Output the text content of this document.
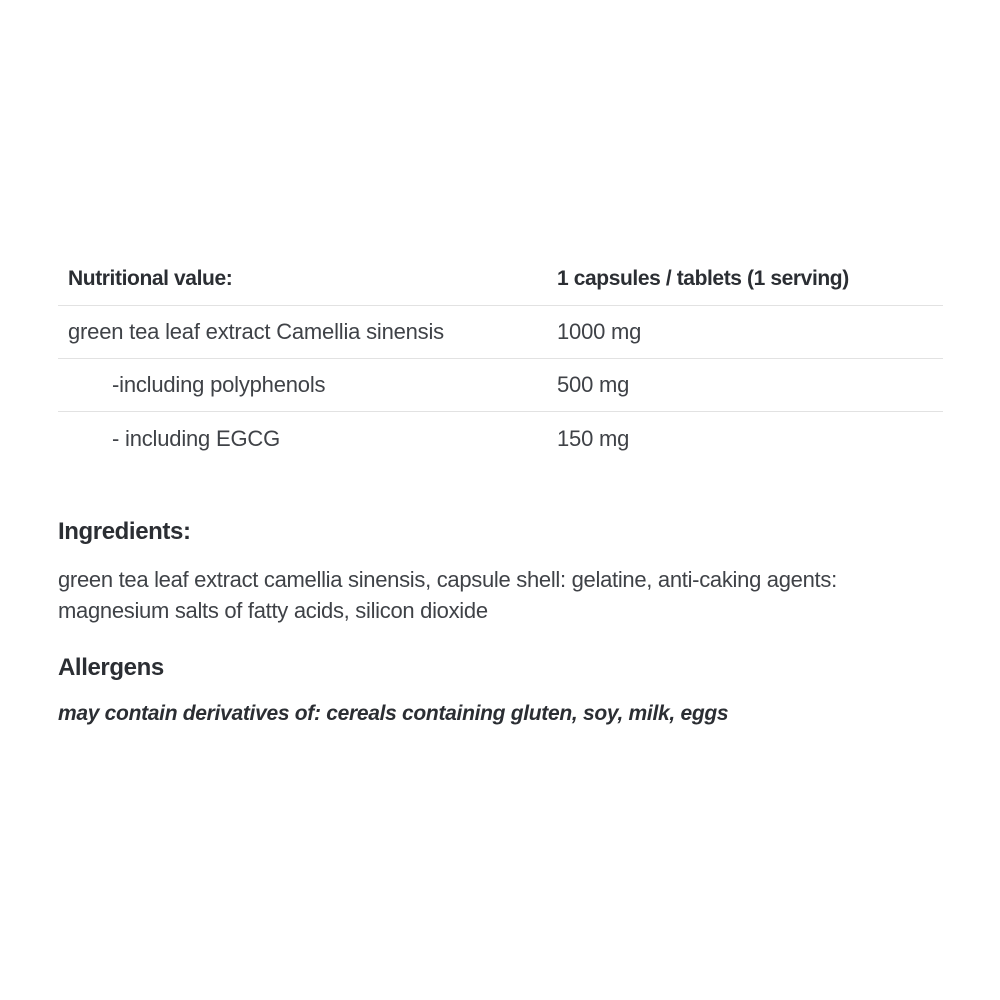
Nutritional value:	1 capsules / tablets (1 serving)
green tea leaf extract Camellia sinensis	1000 mg
-including polyphenols	500 mg
- including EGCG	150 mg
Ingredients:
green tea leaf extract camellia sinensis, capsule shell: gelatine, anti-caking agents: magnesium salts of fatty acids, silicon dioxide
Allergens
may contain derivatives of: cereals containing gluten, soy, milk, eggs
